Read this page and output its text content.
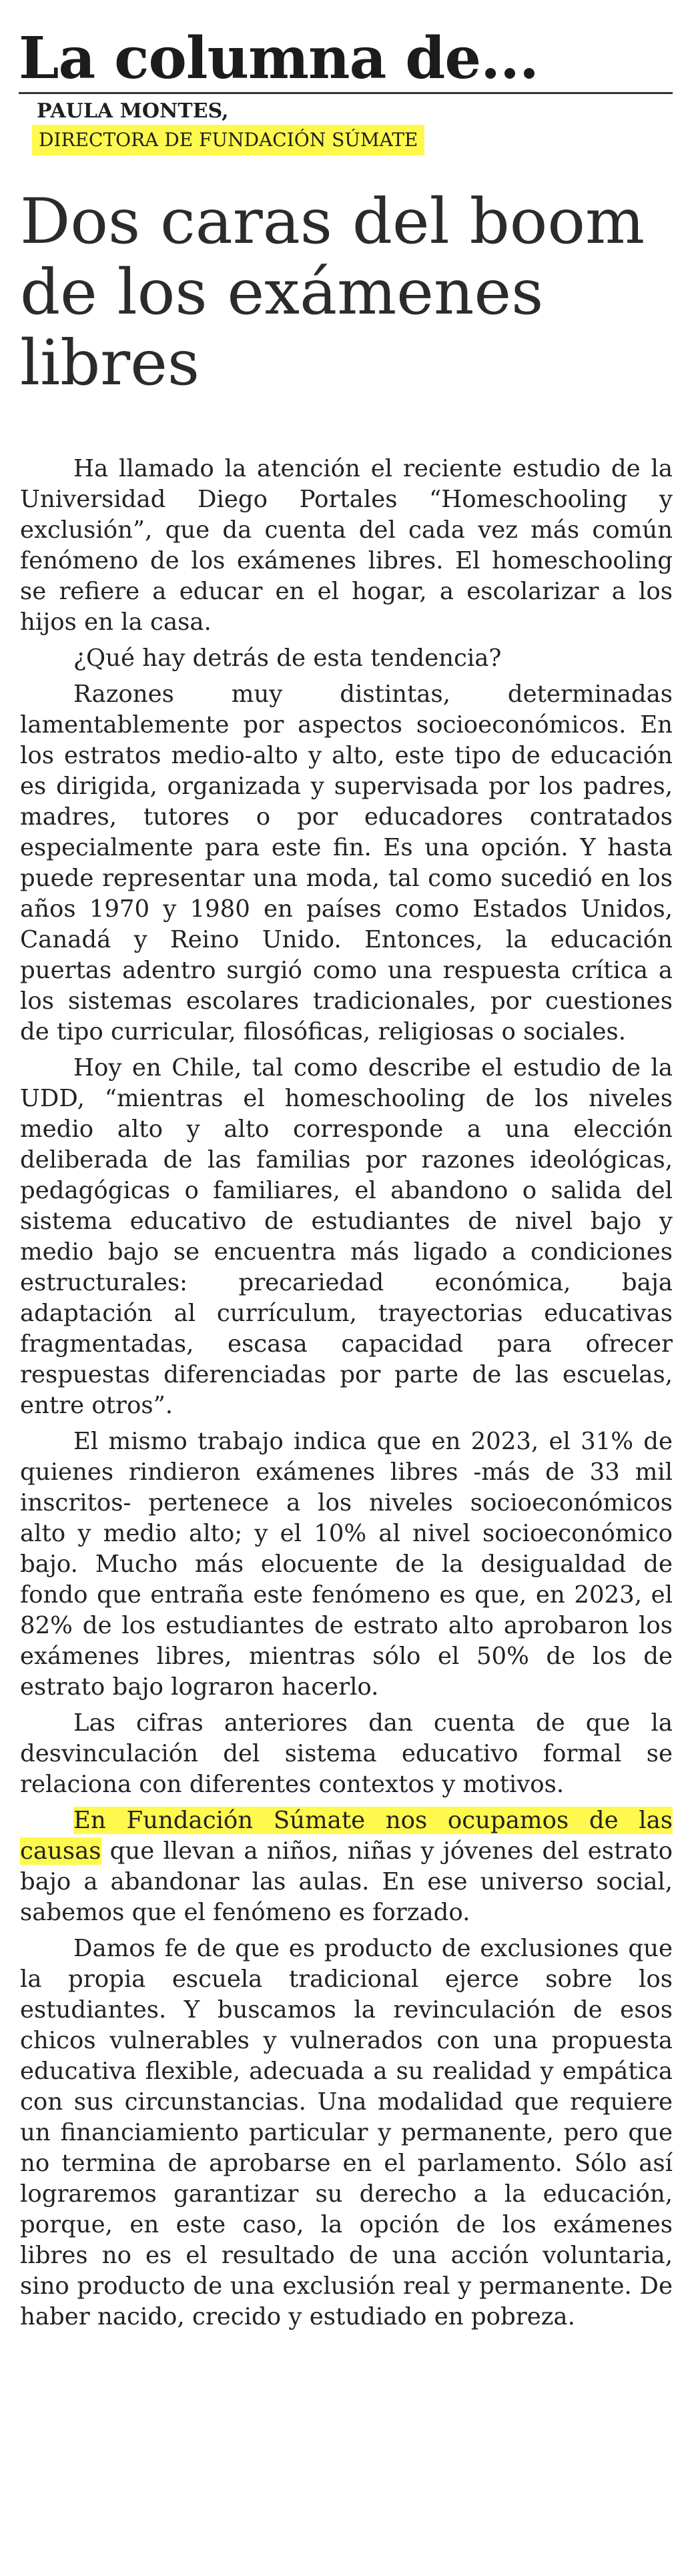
La columna de...
PAULA MONTES,
DIRECTORA DE FUNDACIÓN SÚMATE
Dos caras del boom de los exámenes libres

Ha llamado la atención el reciente estudio de la Universidad Diego Portales “Homeschooling y exclusión”, que da cuenta del cada vez más común fenómeno de los exámenes libres. El homeschooling se refiere a educar en el hogar, a escolarizar a los hijos en la casa.

¿Qué hay detrás de esta tendencia?

Razones muy distintas, determinadas lamentablemente por aspectos socioeconómicos. En los estratos medio-alto y alto, este tipo de educación es dirigida, organizada y supervisada por los padres, madres, tutores o por educadores contratados especialmente para este fin. Es una opción. Y hasta puede representar una moda, tal como sucedió en los años 1970 y 1980 en países como Estados Unidos, Canadá y Reino Unido. Entonces, la educación puertas adentro surgió como una respuesta crítica a los sistemas escolares tradicionales, por cuestiones de tipo curricular, filosóficas, religiosas o sociales.

Hoy en Chile, tal como describe el estudio de la UDD, “mientras el homeschooling de los niveles medio alto y alto corresponde a una elección deliberada de las familias por razones ideológicas, pedagógicas o familiares, el abandono o salida del sistema educativo de estudiantes de nivel bajo y medio bajo se encuentra más ligado a condiciones estructurales: precariedad económica, baja adaptación al currículum, trayectorias educativas fragmentadas, escasa capacidad para ofrecer respuestas diferenciadas por parte de las escuelas, entre otros”.

El mismo trabajo indica que en 2023, el 31% de quienes rindieron exámenes libres -más de 33 mil inscritos- pertenece a los niveles socioeconómicos alto y medio alto; y el 10% al nivel socioeconómico bajo. Mucho más elocuente de la desigualdad de fondo que entraña este fenómeno es que, en 2023, el 82% de los estudiantes de estrato alto aprobaron los exámenes libres, mientras sólo el 50% de los de estrato bajo lograron hacerlo.

Las cifras anteriores dan cuenta de que la desvinculación del sistema educativo formal se relaciona con diferentes contextos y motivos.

En Fundación Súmate nos ocupamos de las causas que llevan a niños, niñas y jóvenes del estrato bajo a abandonar las aulas. En ese universo social, sabemos que el fenómeno es forzado.

Damos fe de que es producto de exclusiones que la propia escuela tradicional ejerce sobre los estudiantes. Y buscamos la revinculación de esos chicos vulnerables y vulnerados con una propuesta educativa flexible, adecuada a su realidad y empática con sus circunstancias. Una modalidad que requiere un financiamiento particular y permanente, pero que no termina de aprobarse en el parlamento. Sólo así lograremos garantizar su derecho a la educación, porque, en este caso, la opción de los exámenes libres no es el resultado de una acción voluntaria, sino producto de una exclusión real y permanente. De haber nacido, crecido y estudiado en pobreza.
